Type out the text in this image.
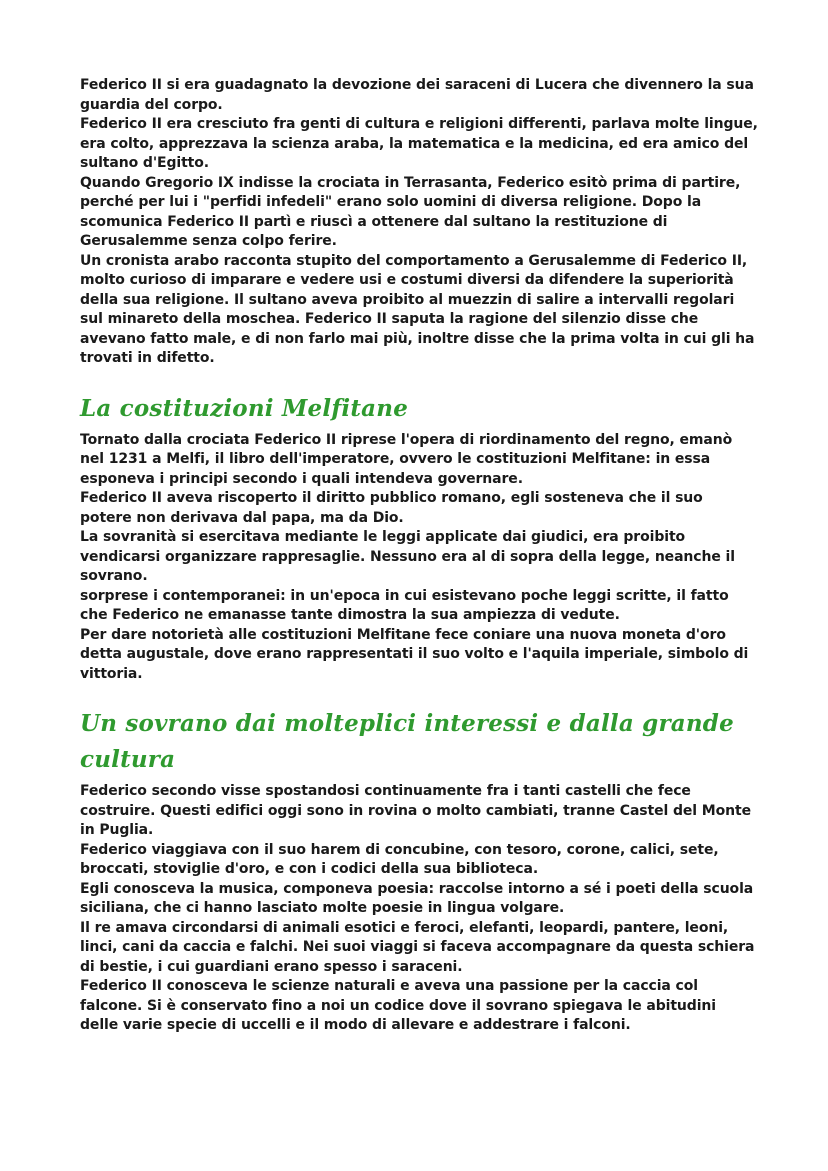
Federico II si era guadagnato la devozione dei saraceni di Lucera che divennero la sua guardia del corpo.

Federico II era cresciuto fra genti di cultura e religioni differenti, parlava molte lingue, era colto, apprezzava la scienza araba, la matematica e la medicina, ed era amico del sultano d'Egitto.

Quando Gregorio IX indisse la crociata in Terrasanta, Federico esitò prima di partire, perché per lui i "perfidi infedeli" erano solo uomini di diversa religione. Dopo la scomunica Federico II partì e riuscì a ottenere dal sultano la restituzione di Gerusalemme senza colpo ferire.

Un cronista arabo racconta stupito del comportamento a Gerusalemme di Federico II, molto curioso di imparare e vedere usi e costumi diversi da difendere la superiorità della sua religione. Il sultano aveva proibito al muezzin di salire a intervalli regolari sul minareto della moschea. Federico II saputa la ragione del silenzio disse che avevano fatto male, e di non farlo mai più, inoltre disse che la prima volta in cui gli ha trovati in difetto.

La costituzioni Melfitane

Tornato dalla crociata Federico II riprese l'opera di riordinamento del regno, emanò nel 1231 a Melfi, il libro dell'imperatore, ovvero le costituzioni Melfitane: in essa esponeva i principi secondo i quali intendeva governare.

Federico II aveva riscoperto il diritto pubblico romano, egli sosteneva che il suo potere non derivava dal papa, ma da Dio.

La sovranità si esercitava mediante le leggi applicate dai giudici, era proibito vendicarsi organizzare rappresaglie. Nessuno era al di sopra della legge, neanche il sovrano.

sorprese i contemporanei: in un'epoca in cui esistevano poche leggi scritte, il fatto che Federico ne emanasse tante dimostra la sua ampiezza di vedute.

Per dare notorietà alle costituzioni Melfitane fece coniare una nuova moneta d'oro detta augustale, dove erano rappresentati il suo volto e l'aquila imperiale, simbolo di vittoria.

Un sovrano dai molteplici interessi e dalla grande cultura

Federico secondo visse spostandosi continuamente fra i tanti castelli che fece costruire. Questi edifici oggi sono in rovina o molto cambiati, tranne Castel del Monte in Puglia.

Federico viaggiava con il suo harem di concubine, con tesoro, corone, calici, sete, broccati, stoviglie d'oro, e con i codici della sua biblioteca.

Egli conosceva la musica, componeva poesia: raccolse intorno a sé i poeti della scuola siciliana, che ci hanno lasciato molte poesie in lingua volgare.

Il re amava circondarsi di animali esotici e feroci, elefanti, leopardi, pantere, leoni, linci, cani da caccia e falchi. Nei suoi viaggi si faceva accompagnare da questa schiera di bestie, i cui guardiani erano spesso i saraceni.

Federico II conosceva le scienze naturali e aveva una passione per la caccia col falcone. Si è conservato fino a noi un codice dove il sovrano spiegava le abitudini delle varie specie di uccelli e il modo di allevare e addestrare i falconi.
